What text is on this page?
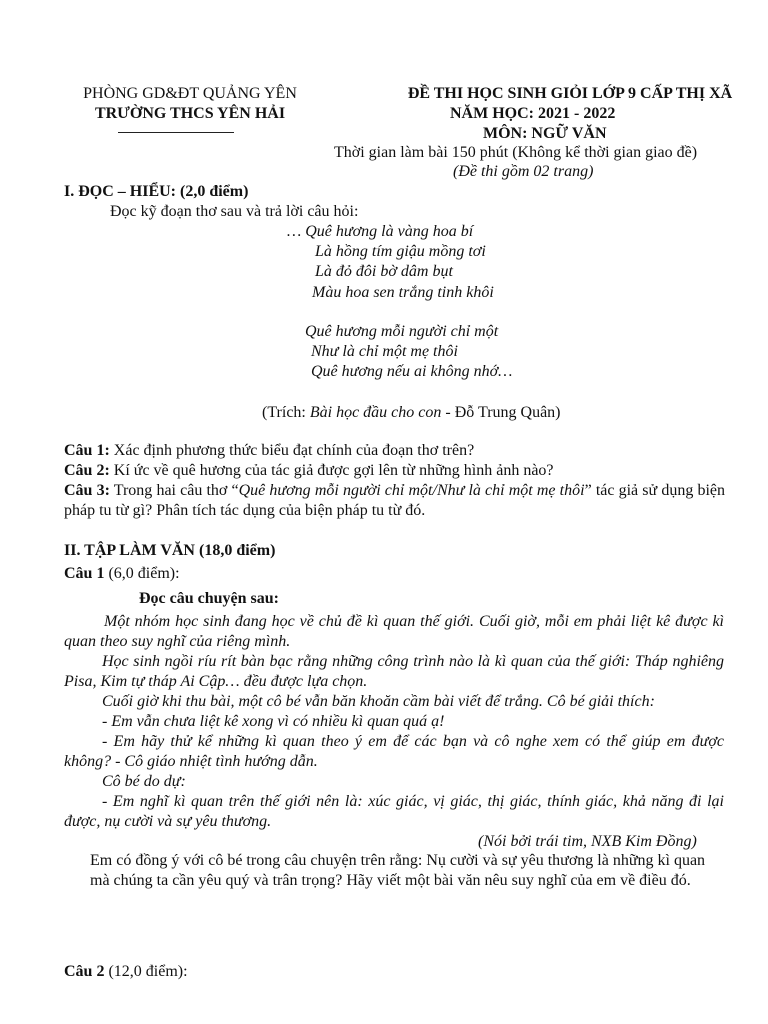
PHÒNG GD&ĐT QUẢNG YÊN
TRƯỜNG THCS YÊN HẢI
ĐỀ THI HỌC SINH GIỎI LỚP 9 CẤP THỊ XÃ
NĂM HỌC: 2021 - 2022
MÔN: NGỮ VĂN
Thời gian làm bài 150 phút (Không kể thời gian giao đề)
(Đề thi gồm 02 trang)
I. ĐỌC – HIỂU: (2,0 điểm)
Đọc kỹ đoạn thơ sau và trả lời câu hỏi:
… Quê hương là vàng hoa bí
Là hồng tím giậu mồng tơi
Là đỏ đôi bờ dâm bụt
Màu hoa sen trắng tinh khôi
Quê hương mỗi người chỉ một
Như là chỉ một mẹ thôi
Quê hương nếu ai không nhớ…
(Trích: Bài học đầu cho con - Đỗ Trung Quân)
Câu 1: Xác định phương thức biểu đạt chính của đoạn thơ trên?
Câu 2: Kí ức về quê hương của tác giả được gợi lên từ những hình ảnh nào?
Câu 3: Trong hai câu thơ “Quê hương mỗi người chỉ một/Như là chỉ một mẹ thôi” tác giả sử dụng biện pháp tu từ gì? Phân tích tác dụng của biện pháp tu từ đó.
II. TẬP LÀM VĂN (18,0 điểm)
Câu 1 (6,0 điểm):
Đọc câu chuyện sau:
Một nhóm học sinh đang học về chủ đề kì quan thế giới. Cuối giờ, mỗi em phải liệt kê được kì quan theo suy nghĩ của riêng mình.
Học sinh ngồi ríu rít bàn bạc rằng những công trình nào là kì quan của thế giới: Tháp nghiêng Pisa, Kim tự tháp Ai Cập… đều được lựa chọn.
Cuối giờ khi thu bài, một cô bé vẫn băn khoăn cầm bài viết để trắng. Cô bé giải thích:
- Em vẫn chưa liệt kê xong vì có nhiều kì quan quá ạ!
- Em hãy thử kể những kì quan theo ý em để các bạn và cô nghe xem có thể giúp em được không? - Cô giáo nhiệt tình hướng dẫn.
Cô bé do dự:
- Em nghĩ kì quan trên thế giới nên là: xúc giác, vị giác, thị giác, thính giác, khả năng đi lại được, nụ cười và sự yêu thương.
(Nói bởi trái tim, NXB Kim Đồng)
Em có đồng ý với cô bé trong câu chuyện trên rằng: Nụ cười và sự yêu thương là những kì quan mà chúng ta cần yêu quý và trân trọng? Hãy viết một bài văn nêu suy nghĩ của em về điều đó.
Câu 2 (12,0 điểm):
